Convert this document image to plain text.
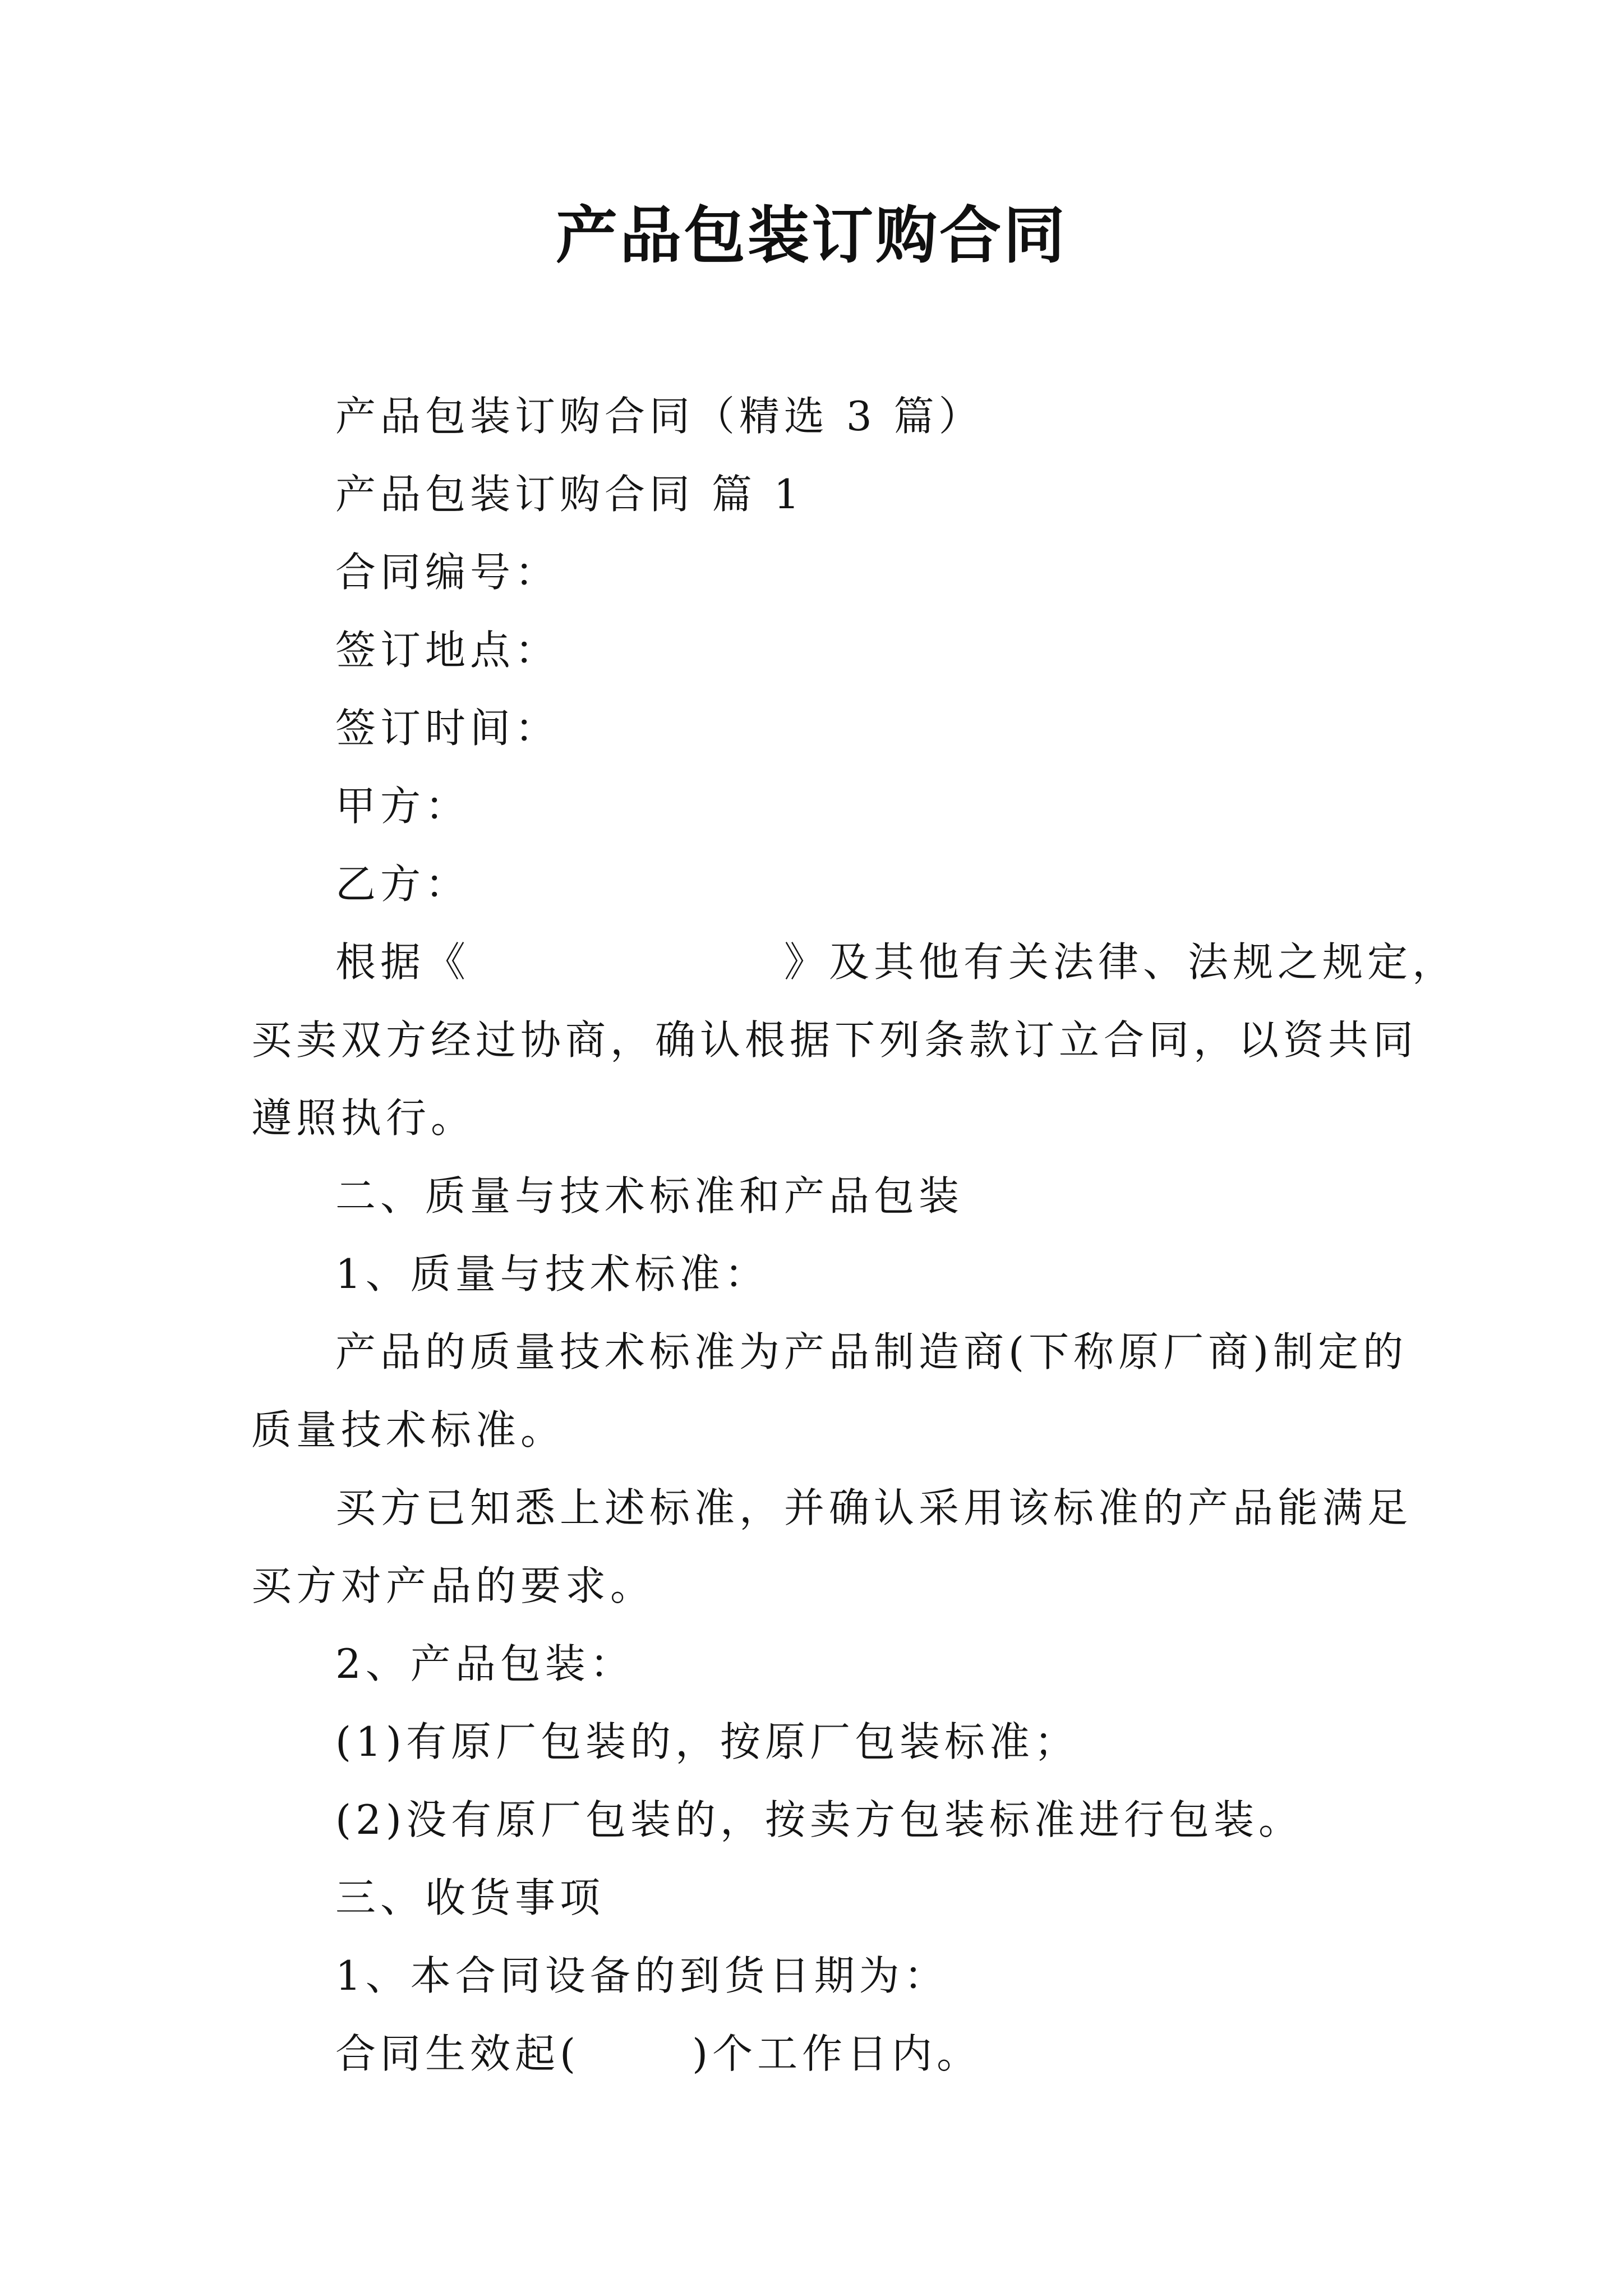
产品包装订购合同

产品包装订购合同（精选 3 篇）

产品包装订购合同 篇 1

合同编号：

签订地点：

签订时间：

甲方：

乙方：

根据《	》及其他有关法律、法规之规定，

买卖双方经过协商，确认根据下列条款订立合同，以资共同

遵照执行。

二、质量与技术标准和产品包装

1、质量与技术标准：

产品的质量技术标准为产品制造商(下称原厂商)制定的

质量技术标准。

买方已知悉上述标准，并确认采用该标准的产品能满足

买方对产品的要求。

2、产品包装：

(1)有原厂包装的，按原厂包装标准；

(2)没有原厂包装的，按卖方包装标准进行包装。

三、收货事项

1、本合同设备的到货日期为：

合同生效起(	)个工作日内。
